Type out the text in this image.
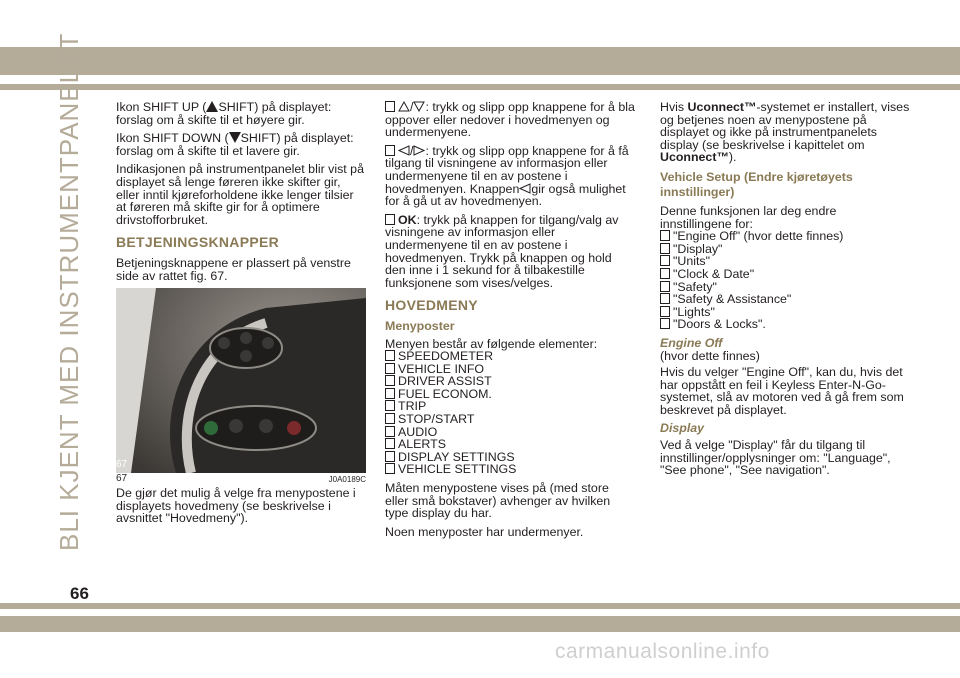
BLI KJENT MED INSTRUMENTPANELET	Ikon SHIFT UP ( SHIFT) på displayet: forslag om å skifte til et høyere gir.

Ikon SHIFT DOWN ( SHIFT) på displayet: forslag om å skifte til et lavere gir.

Indikasjonen på instrumentpanelet blir vist på displayet så lenge føreren ikke skifter gir, eller inntil kjøreforholdene ikke lenger tilsier at føreren må skifte gir for å optimere drivstofforbruket.

BETJENINGSKNAPPER

Betjeningsknappene er plassert på venstre side av rattet fig. 67.

67
67	J0A0189C

De gjør det mulig å velge fra menypostene i displayets hovedmeny (se beskrivelse i avsnittet "Hovedmeny").

/ : trykk og slipp opp knappene for å bla oppover eller nedover i hovedmenyen og undermenyene.

/ : trykk og slipp opp knappene for å få tilgang til visningene av informasjon eller undermenyene til en av postene i hovedmenyen. Knappen gir også mulighet for å gå ut av hovedmenyen.

OK: trykk på knappen for tilgang/valg av visningene av informasjon eller undermenyene til en av postene i hovedmenyen. Trykk på knappen og hold den inne i 1 sekund for å tilbakestille funksjonene som vises/velges.

HOVEDMENY
Menyposter

Menyen består av følgende elementer:
SPEEDOMETER
VEHICLE INFO
DRIVER ASSIST
FUEL ECONOM.
TRIP
STOP/START
AUDIO
ALERTS
DISPLAY SETTINGS
VEHICLE SETTINGS

Måten menypostene vises på (med store eller små bokstaver) avhenger av hvilken type display du har.

Noen menyposter har undermenyer.

Hvis Uconnect™-systemet er installert, vises og betjenes noen av menypostene på displayet og ikke på instrumentpanelets display (se beskrivelse i kapittelet om Uconnect™).

Vehicle Setup (Endre kjøretøyets innstillinger)

Denne funksjonen lar deg endre innstillingene for:
"Engine Off" (hvor dette finnes)
"Display"
"Units"
"Clock & Date"
"Safety"
"Safety & Assistance"
"Lights"
"Doors & Locks".

Engine Off
(hvor dette finnes)

Hvis du velger "Engine Off", kan du, hvis det har oppstått en feil i Keyless Enter-N-Go-systemet, slå av motoren ved å gå frem som beskrevet på displayet.

Display

Ved å velge "Display" får du tilgang til innstillinger/opplysninger om: "Language", "See phone", "See navigation".

66
carmanualsonline.info
